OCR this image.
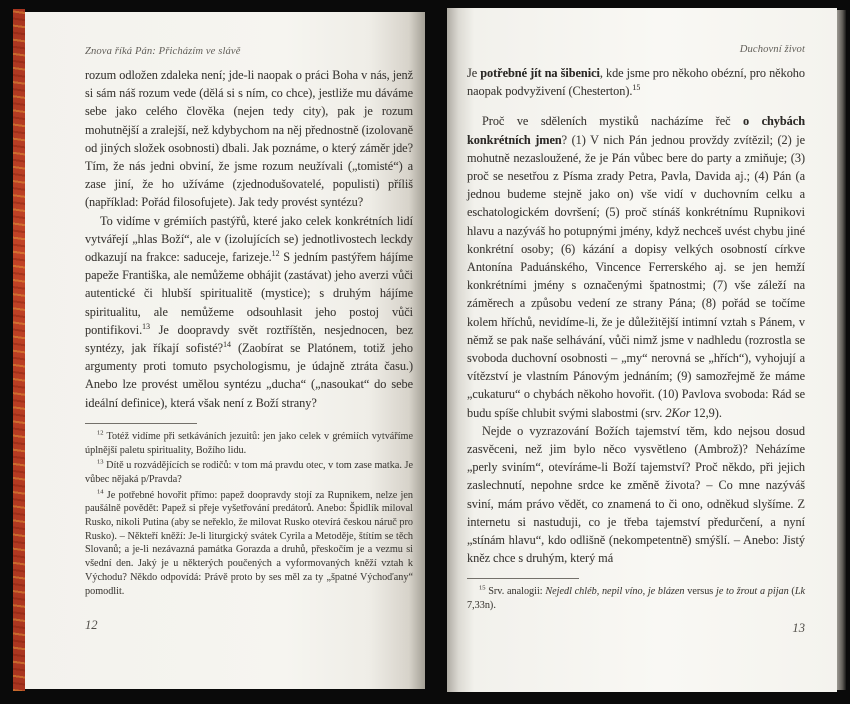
Znova říká Pán: Přicházím ve slávě

rozum odložen zdaleka není; jde-li naopak o práci Boha v nás, jenž si sám náš rozum vede (dělá si s ním, co chce), jestliže mu dáváme sebe jako celého člověka (nejen tedy city), pak je rozum mohutnější a zralejší, než kdybychom na něj přednostně (izolovaně od jiných složek osobnosti) dbali. Jak poznáme, o který záměr jde? Tím, že nás jedni obviní, že jsme rozum neužívali („tomisté“) a zase jiní, že ho užíváme (zjednodušovatelé, populisti) příliš (například: Pořád filosofujete). Jak tedy provést syntézu?

To vidíme v grémiích pastýřů, které jako celek konkrétních lidí vytvářejí „hlas Boží“, ale v (izolujících se) jednotlivostech leckdy odkazují na frakce: saduceje, farizeje.$^{12}$ S jedním pastýřem hájíme papeže Františka, ale nemůžeme obhájit (zastávat) jeho averzi vůči autentické či hlubší spiritualitě (mystice); s druhým hájíme spiritualitu, ale nemůžeme odsouhlasit jeho postoj vůči pontifikovi.$^{13}$ Je doopravdy svět roztříštěn, nesjednocen, bez syntézy, jak říkají sofisté?$^{14}$ (Zaobírat se Platónem, totiž jeho argumenty proti tomuto psychologismu, je údajně ztráta času.) Anebo lze provést umělou syntézu „ducha“ („nasoukat“ do sebe ideální definice), která však není z Boží strany?

$^{12}$ Totéž vidíme při setkáváních jezuitů: jen jako celek v grémiích vytváříme úplnější paletu spirituality, Božího lidu.

$^{13}$ Dítě u rozvádějících se rodičů: v tom má pravdu otec, v tom zase matka. Je vůbec nějaká p/Pravda?

$^{14}$ Je potřebné hovořit přímo: papež doopravdy stojí za Rupnikem, nelze jen paušálně povědět: Papež si přeje vyšetřování predátorů. Anebo: Špidlík miloval Rusko, nikoli Putina (aby se neřeklo, že milovat Rusko otevírá českou náruč pro Rusko). – Někteří kněží: Je-li liturgický svátek Cyrila a Metoděje, štítím se těch Slovanů; a je-li nezávazná památka Gorazda a druhů, přeskočím je a vezmu si všední den. Jaký je u některých poučených a vyformovaných kněží vztah k Východu? Někdo odpovídá: Právě proto by ses měl za ty „špatné Výchoďany“ pomodlit.

12
Duchovní život

Je potřebné jít na šibenici, kde jsme pro někoho obézní, pro někoho naopak podvyživení (Chesterton).$^{15}$

Proč ve sděleních mystiků nacházíme řeč o chybách konkrétních jmen? (1) V nich Pán jednou provždy zvítězil; (2) je mohutně nezasloužené, že je Pán vůbec bere do party a zmiňuje; (3) proč se nesetřou z Písma zrady Petra, Pavla, Davida aj.; (4) Pán (a jednou budeme stejně jako on) vše vidí v duchovním celku a eschatologickém dovršení; (5) proč stínáš konkrétnímu Rupnikovi hlavu a nazýváš ho potupnými jmény, když nechceš uvést chybu jiné konkrétní osoby; (6) kázání a dopisy velkých osobností církve Antonína Paduánského, Vincence Ferrerského aj. se jen hemží konkrétními jmény s označenými špatnostmi; (7) vše záleží na záměrech a způsobu vedení ze strany Pána; (8) pořád se točíme kolem hříchů, nevidíme-li, že je důležitější intimní vztah s Pánem, v němž se pak naše selhávání, vůči nimž jsme v nadhledu (rozrostla se svoboda duchovní osobnosti – „my“ nerovná se „hřích“), vyhojují a vítězství je vlastním Pánovým jednáním; (9) samozřejmě že máme „cukaturu“ o chybách někoho hovořit. (10) Pavlova svoboda: Rád se budu spíše chlubit svými slabostmi (srv. 2Kor 12,9).

Nejde o vyzrazování Božích tajemství těm, kdo nejsou dosud zasvěceni, než jim bylo něco vysvětleno (Ambrož)? Neházíme „perly sviním“, otevíráme-li Boží tajemství? Proč někdo, při jejich zaslechnutí, nepohne srdce ke změně života? – Co mne nazýváš sviní, mám právo vědět, co znamená to či ono, odněkud slyšíme. Z internetu si nastuduji, co je třeba tajemství předurčení, a nyní „stínám hlavu“, kdo odlišně (nekompetentně) smýšlí. – Anebo: Jistý kněz chce s druhým, který má

$^{15}$ Srv. analogii: Nejedl chléb, nepil víno, je blázen versus je to žrout a pijan (Lk 7,33n).

13
